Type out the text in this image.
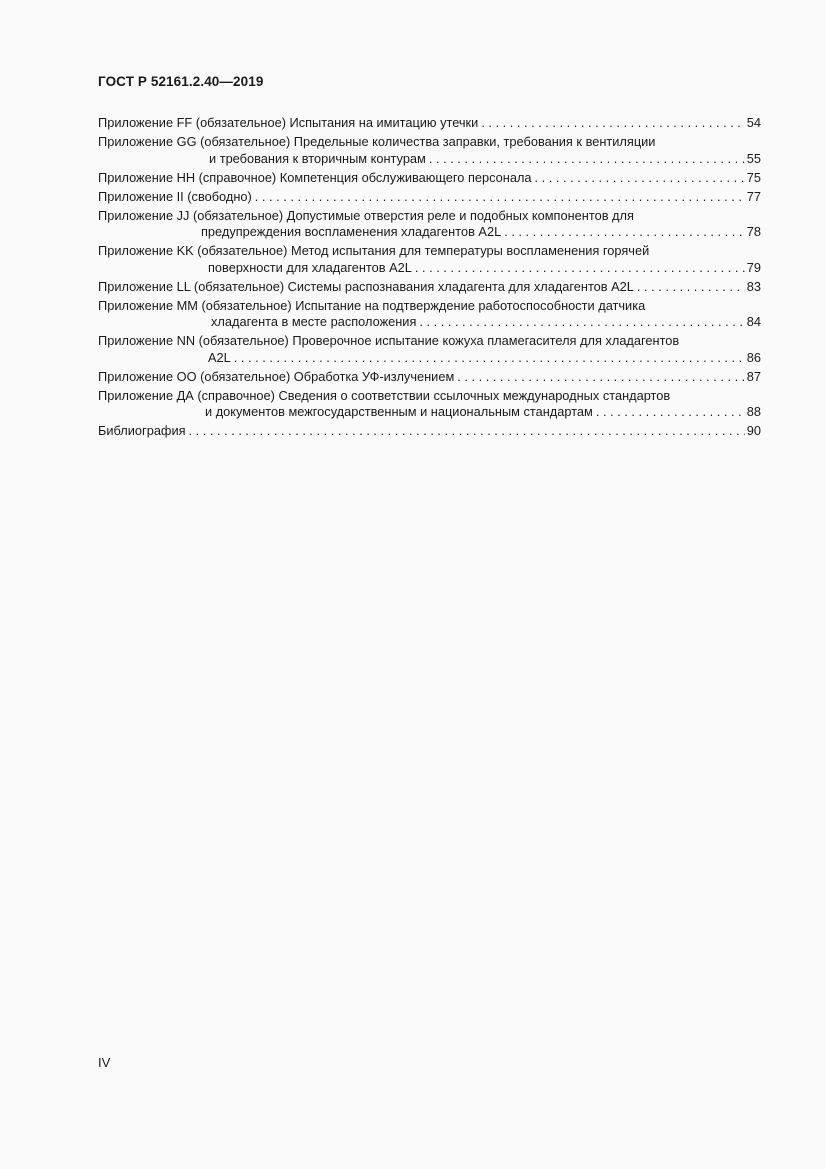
ГОСТ Р 52161.2.40—2019
Приложение FF (обязательное) Испытания на имитацию утечки . . .	54
Приложение GG (обязательное) Предельные количества заправки, требования к вентиляции
и требования к вторичным контурам . . .	55
Приложение HH (справочное) Компетенция обслуживающего персонала . . .	75
Приложение II (свободно) . . .	77
Приложение JJ (обязательное) Допустимые отверстия реле и подобных компонентов для
предупреждения воспламенения хладагентов A2L . . .	78
Приложение KK (обязательное) Метод испытания для температуры воспламенения горячей
поверхности для хладагентов A2L . . .	79
Приложение LL (обязательное) Системы распознавания хладагента для хладагентов A2L . . .	83
Приложение MM (обязательное) Испытание на подтверждение работоспособности датчика
хладагента в месте расположения . . .	84
Приложение NN (обязательное) Проверочное испытание кожуха пламегасителя для хладагентов
A2L . . .	86
Приложение OO (обязательное) Обработка УФ-излучением . . .	87
Приложение ДА (справочное) Сведения о соответствии ссылочных международных стандартов
и документов межгосударственным и национальным стандартам . . .	88
Библиография . . .	90
IV
